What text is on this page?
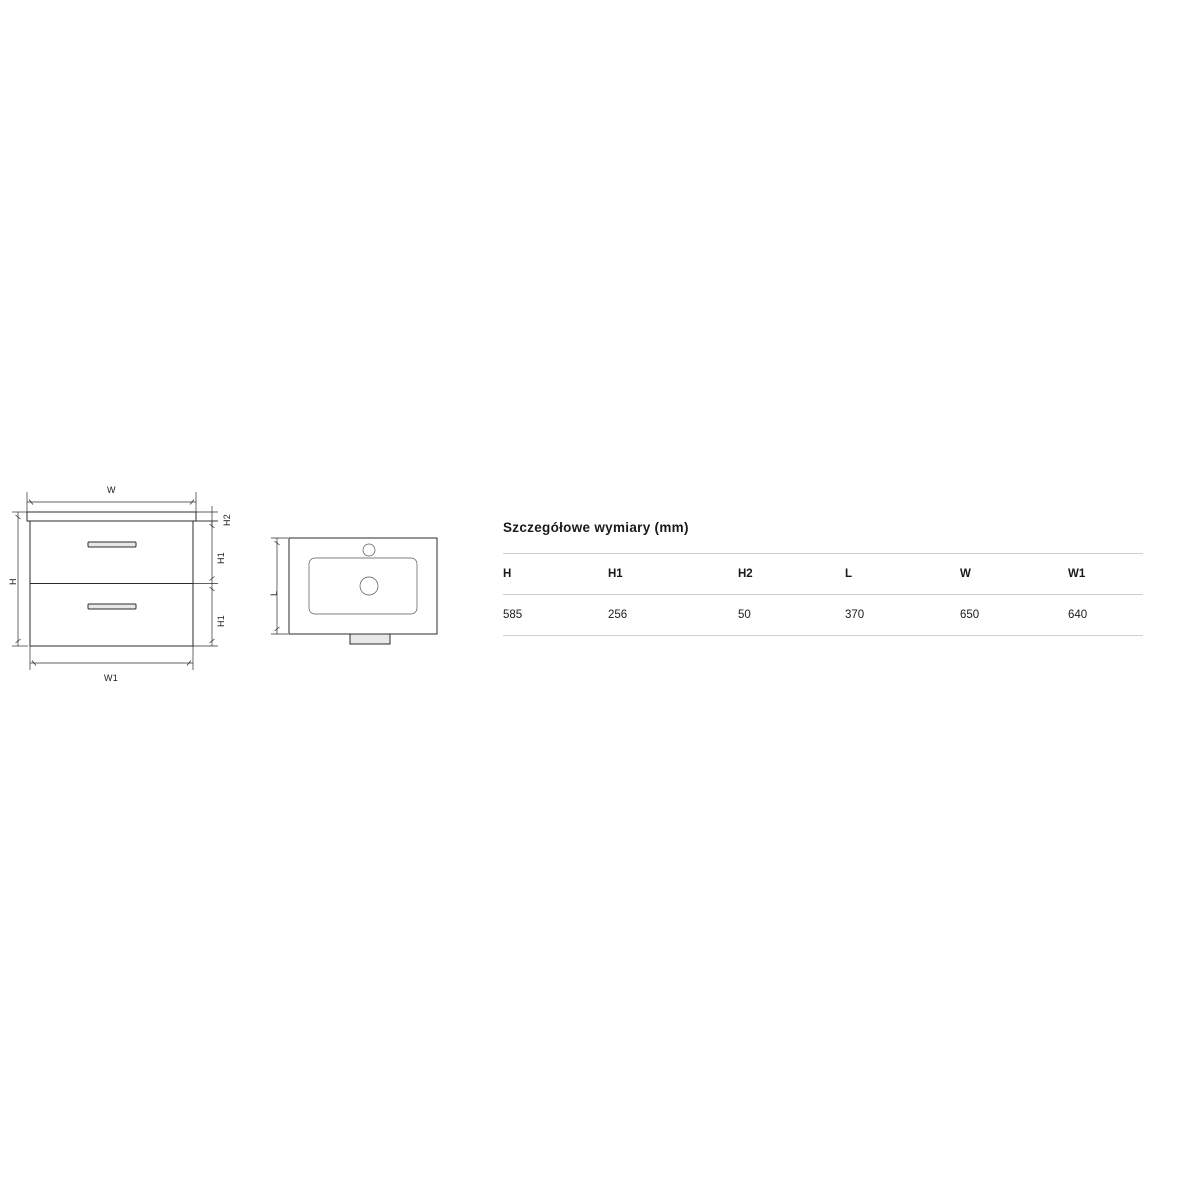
W
H
H2
H1
H1
W1
L
Szczegółowe wymiary (mm)
H	H1	H2	L	W	W1
585	256	50	370	650	640
